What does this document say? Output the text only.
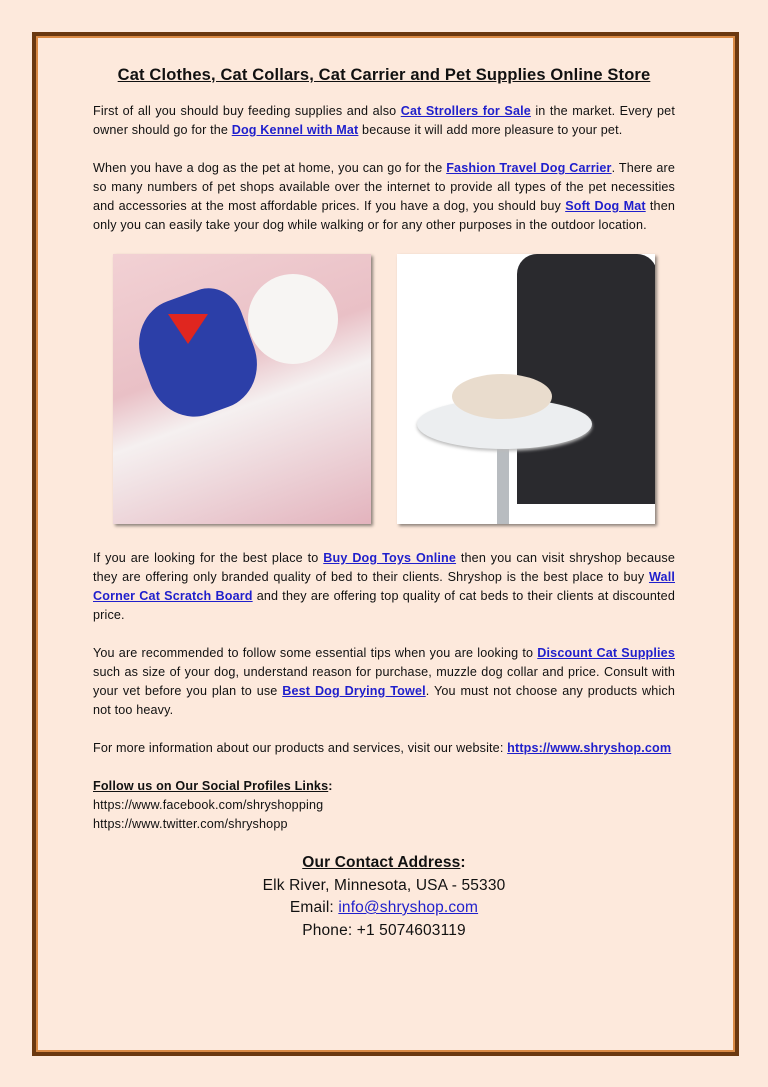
Cat Clothes, Cat Collars, Cat Carrier and Pet Supplies Online Store

First of all you should buy feeding supplies and also Cat Strollers for Sale in the market. Every pet owner should go for the Dog Kennel with Mat because it will add more pleasure to your pet.

When you have a dog as the pet at home, you can go for the Fashion Travel Dog Carrier. There are so many numbers of pet shops available over the internet to provide all types of the pet necessities and accessories at the most affordable prices. If you have a dog, you should buy Soft Dog Mat then only you can easily take your dog while walking or for any other purposes in the outdoor location.

If you are looking for the best place to Buy Dog Toys Online then you can visit shryshop because they are offering only branded quality of bed to their clients. Shryshop is the best place to buy Wall Corner Cat Scratch Board and they are offering top quality of cat beds to their clients at discounted price.

You are recommended to follow some essential tips when you are looking to Discount Cat Supplies such as size of your dog, understand reason for purchase, muzzle dog collar and price. Consult with your vet before you plan to use Best Dog Drying Towel. You must not choose any products which not too heavy.

For more information about our products and services, visit our website: https://www.shryshop.com

Follow us on Our Social Profiles Links:
https://www.facebook.com/shryshopping
https://www.twitter.com/shryshopp
Our Contact Address:
Elk River, Minnesota, USA - 55330
Email: info@shryshop.com
Phone: +1 5074603119
